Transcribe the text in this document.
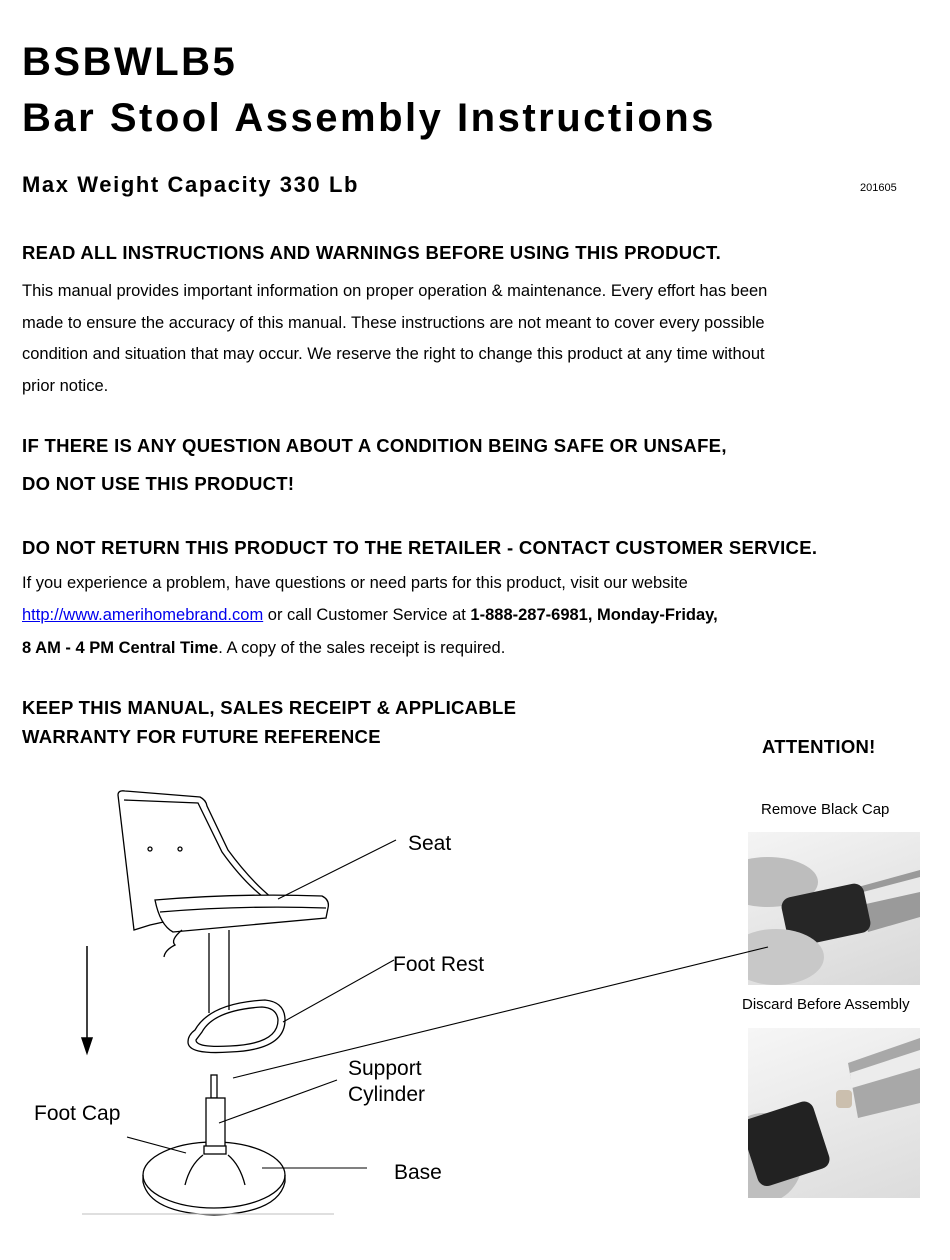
BSBWLB5
Bar Stool Assembly Instructions
Max Weight Capacity 330 Lb	201605
READ ALL INSTRUCTIONS AND WARNINGS BEFORE USING THIS PRODUCT.
This manual provides important information on proper operation & maintenance. Every effort has been
made to ensure the accuracy of this manual. These instructions are not meant to cover every possible
condition and situation that may occur. We reserve the right to change this product at any time without
prior notice.
IF THERE IS ANY QUESTION ABOUT A CONDITION BEING SAFE OR UNSAFE,
DO NOT USE THIS PRODUCT!
DO NOT RETURN THIS PRODUCT TO THE RETAILER - CONTACT CUSTOMER SERVICE.
If you experience a problem, have questions or need parts for this product, visit our website
http://www.amerihomebrand.com or call Customer Service at 1-888-287-6981, Monday-Friday,
8 AM - 4 PM Central Time. A copy of the sales receipt is required.
KEEP THIS MANUAL, SALES RECEIPT & APPLICABLE
WARRANTY FOR FUTURE REFERENCE	ATTENTION!
Remove Black Cap
Discard Before Assembly
Seat
Foot Rest
Support
Cylinder
Foot Cap
Base
